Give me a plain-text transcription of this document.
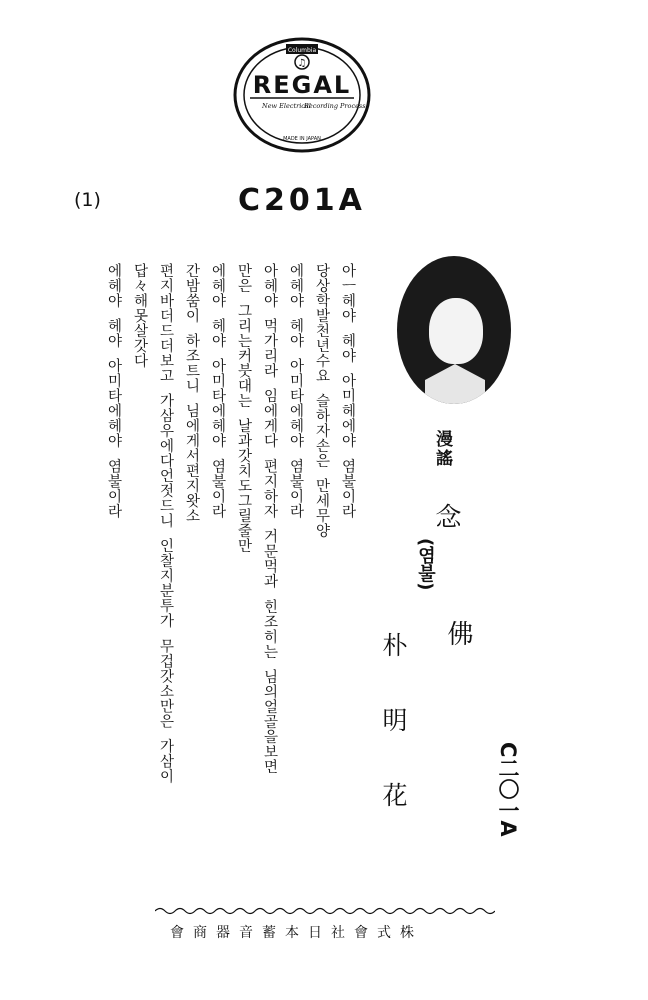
Columbia
♫
REGAL
New Electrical
Recording Process
MADE IN JAPAN
(1)	C201A
漫謠
念
(염불)
佛
朴明花	C二〇一A
아ㅡ헤야  헤야  아미헤에야  염불이라
당상학발천년수요  슬하자손은  만세무양
에헤야  헤야  아미타에헤야  염불이라
아헤야  먹가리라  임에게다  편지하자  거문먹과  힌조히는  님의얼골을보면
만은  그리는커붓대는  날과갓치도그릴줄만
에헤야  헤야  아미타에헤야  염불이라
간밤쑴이  하조트니  님에게서편지왓소
편지바더드더보고  가삼우에다언젓드니  인찰지분투가  무겁갓소만은  가삼이
답々해못살갓다
에헤야  헤야  아미타에헤야  염불이라
會商器音蓄本日社會式株
